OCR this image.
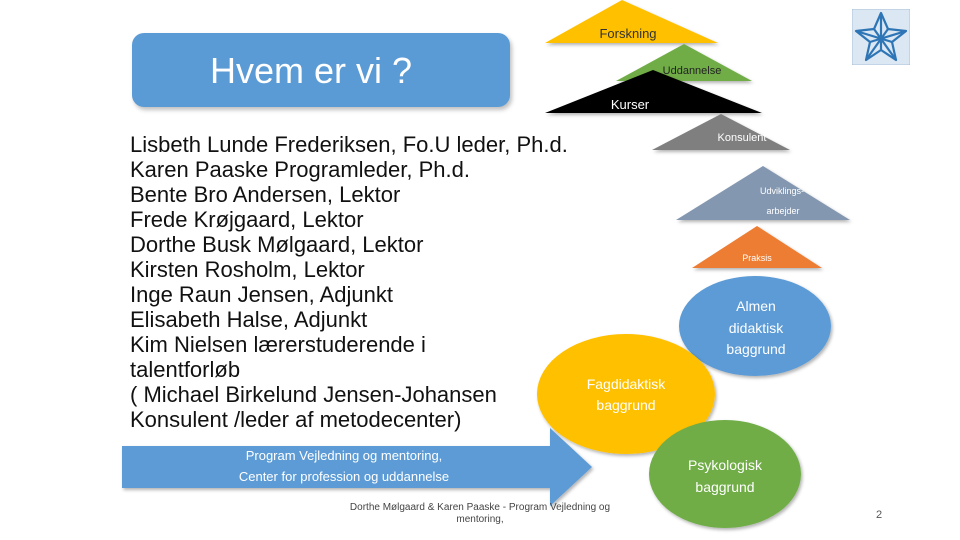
Hvem er vi ?
Lisbeth Lunde Frederiksen, Fo.U leder, Ph.d.
Karen Paaske Programleder, Ph.d.
Bente Bro Andersen, Lektor
Frede Krøjgaard, Lektor
Dorthe Busk Mølgaard, Lektor
Kirsten Rosholm, Lektor
Inge Raun Jensen, Adjunkt
Elisabeth Halse, Adjunkt
Kim Nielsen lærerstuderende i
talentforløb
( Michael Birkelund Jensen-Johansen
Konsulent /leder af metodecenter)
Forskning
Uddannelse
Kurser
Konsulent
Udviklings-
arbejder
Praksis
Almen
didaktisk
baggrund
Fagdidaktisk
baggrund
Psykologisk
baggrund
Program Vejledning og mentoring,
Center for profession og uddannelse
Dorthe Mølgaard & Karen Paaske - Program Vejledning og
mentoring,	2
